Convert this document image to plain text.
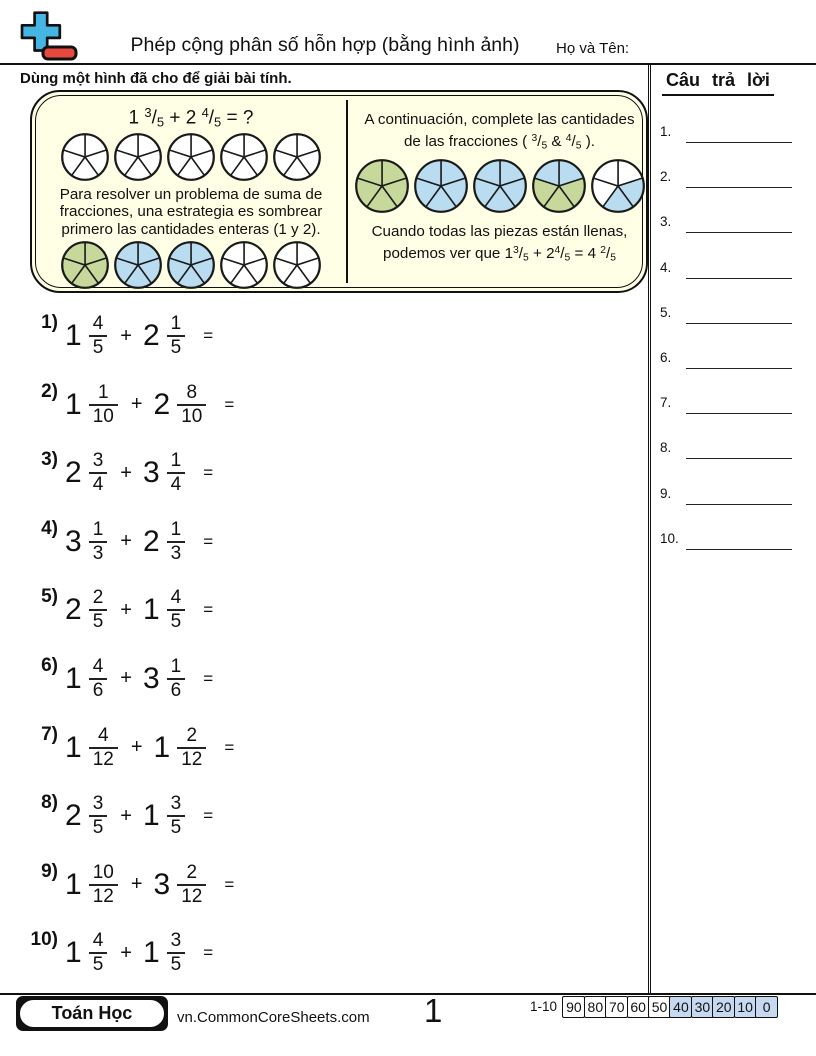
Phép cộng phân số hỗn hợp (bằng hình ảnh)	Họ và Tên:
Dùng một hình đã cho để giải bài tính.
1 $^3/_5 + 2$ $^4/_5$ = ?
Para resolver un problema de suma de fracciones, una estrategia es sombrear primero las cantidades enteras (1 y 2).
A continuación, complete las cantidades
de las fracciones ( $^3/_5$ & $^4/_5$ ).
Cuando todas las piezas están llenas,
podemos ver que $1^3/_5 + 2^4/_5 = 4$ $^2/_5$
1) $1 \frac{4}{5} + 2 \frac{1}{5}$ =
2) $1 \frac{1}{10} + 2 \frac{8}{10}$ =
3) $2 \frac{3}{4} + 3 \frac{1}{4}$ =
4) $3 \frac{1}{3} + 2 \frac{1}{3}$ =
5) $2 \frac{2}{5} + 1 \frac{4}{5}$ =
6) $1 \frac{4}{6} + 3 \frac{1}{6}$ =
7) $1 \frac{4}{12} + 1 \frac{2}{12}$ =
8) $2 \frac{3}{5} + 1 \frac{3}{5}$ =
9) $1 \frac{10}{12} + 3 \frac{2}{12}$ =
10) $1 \frac{4}{5} + 1 \frac{3}{5}$ =
Câu trả lời
1.
2.
3.
4.
5.
6.
7.
8.
9.
10.
Toán Học	vn.CommonCoreSheets.com 1	1-10 90 80 70 60 50 40 30 20 10 0
